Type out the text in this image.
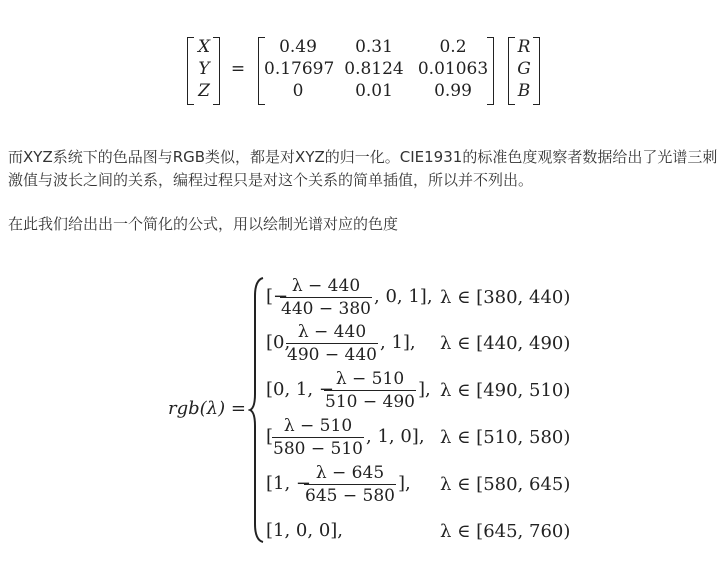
X
Y
Z
=
0.49	0.31	0.2
0.17697 0.8124 0.01063
0	0.01	0.99
R
G
B
而XYZ系统下的色品图与RGB类似，都是对XYZ的归一化。CIE1931的标准色度观察者数据给出了光谱三刺激值与波长之间的关系，编程过程只是对这个关系的简单插值，所以并不列出。
在此我们给出出一个简化的公式，用以绘制光谱对应的色度
rgb(λ) =
[− λ − 440
440 − 380
, 0, 1], λ ∈ [380, 440)
[0, λ − 440
490 − 440
, 1], λ ∈ [440, 490)
[0, 1, − λ − 510
510 − 490
], λ ∈ [490, 510)
[ λ − 510
580 − 510
, 1, 0], λ ∈ [510, 580)
[1, − λ − 645
645 − 580
], λ ∈ [580, 645)
[1, 0, 0],	λ ∈ [645, 760)
